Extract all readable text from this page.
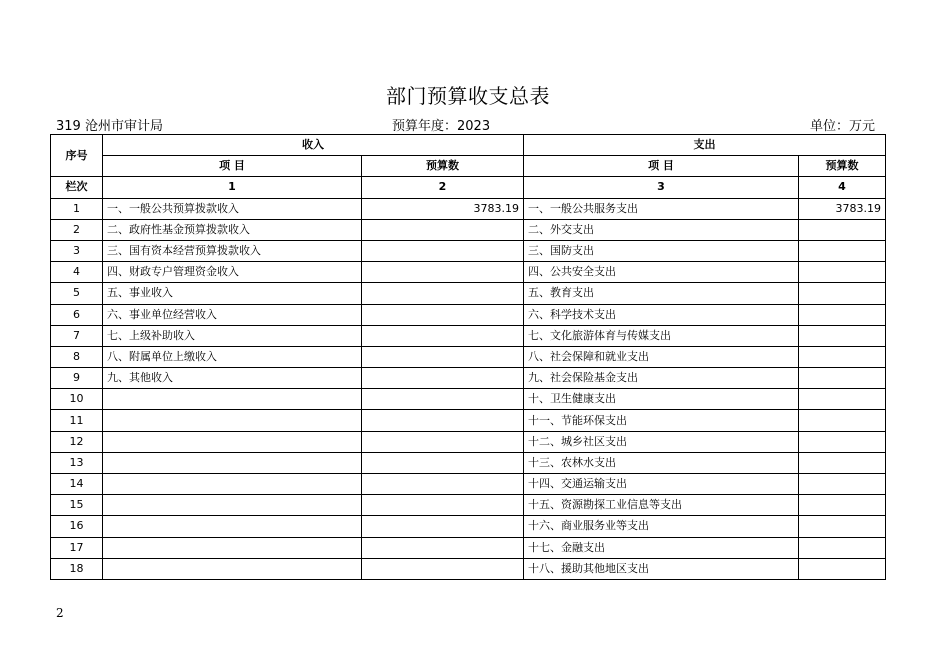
部门预算收支总表
319 沧州市审计局	预算年度：2023	单位：万元
序号	收入		支出	
	项 目	预算数	项 目	预算数
栏次	1	2	3	4
1	一、一般公共预算拨款收入	3783.19	一、一般公共服务支出	3783.19
2	二、政府性基金预算拨款收入		二、外交支出	
3	三、国有资本经营预算拨款收入		三、国防支出	
4	四、财政专户管理资金收入		四、公共安全支出	
5	五、事业收入		五、教育支出	
6	六、事业单位经营收入		六、科学技术支出	
7	七、上级补助收入		七、文化旅游体育与传媒支出	
8	八、附属单位上缴收入		八、社会保障和就业支出	
9	九、其他收入		九、社会保险基金支出	
10			十、卫生健康支出	
11			十一、节能环保支出	
12			十二、城乡社区支出	
13			十三、农林水支出	
14			十四、交通运输支出	
15			十五、资源勘探工业信息等支出	
16			十六、商业服务业等支出	
17			十七、金融支出	
18			十八、援助其他地区支出	
2
